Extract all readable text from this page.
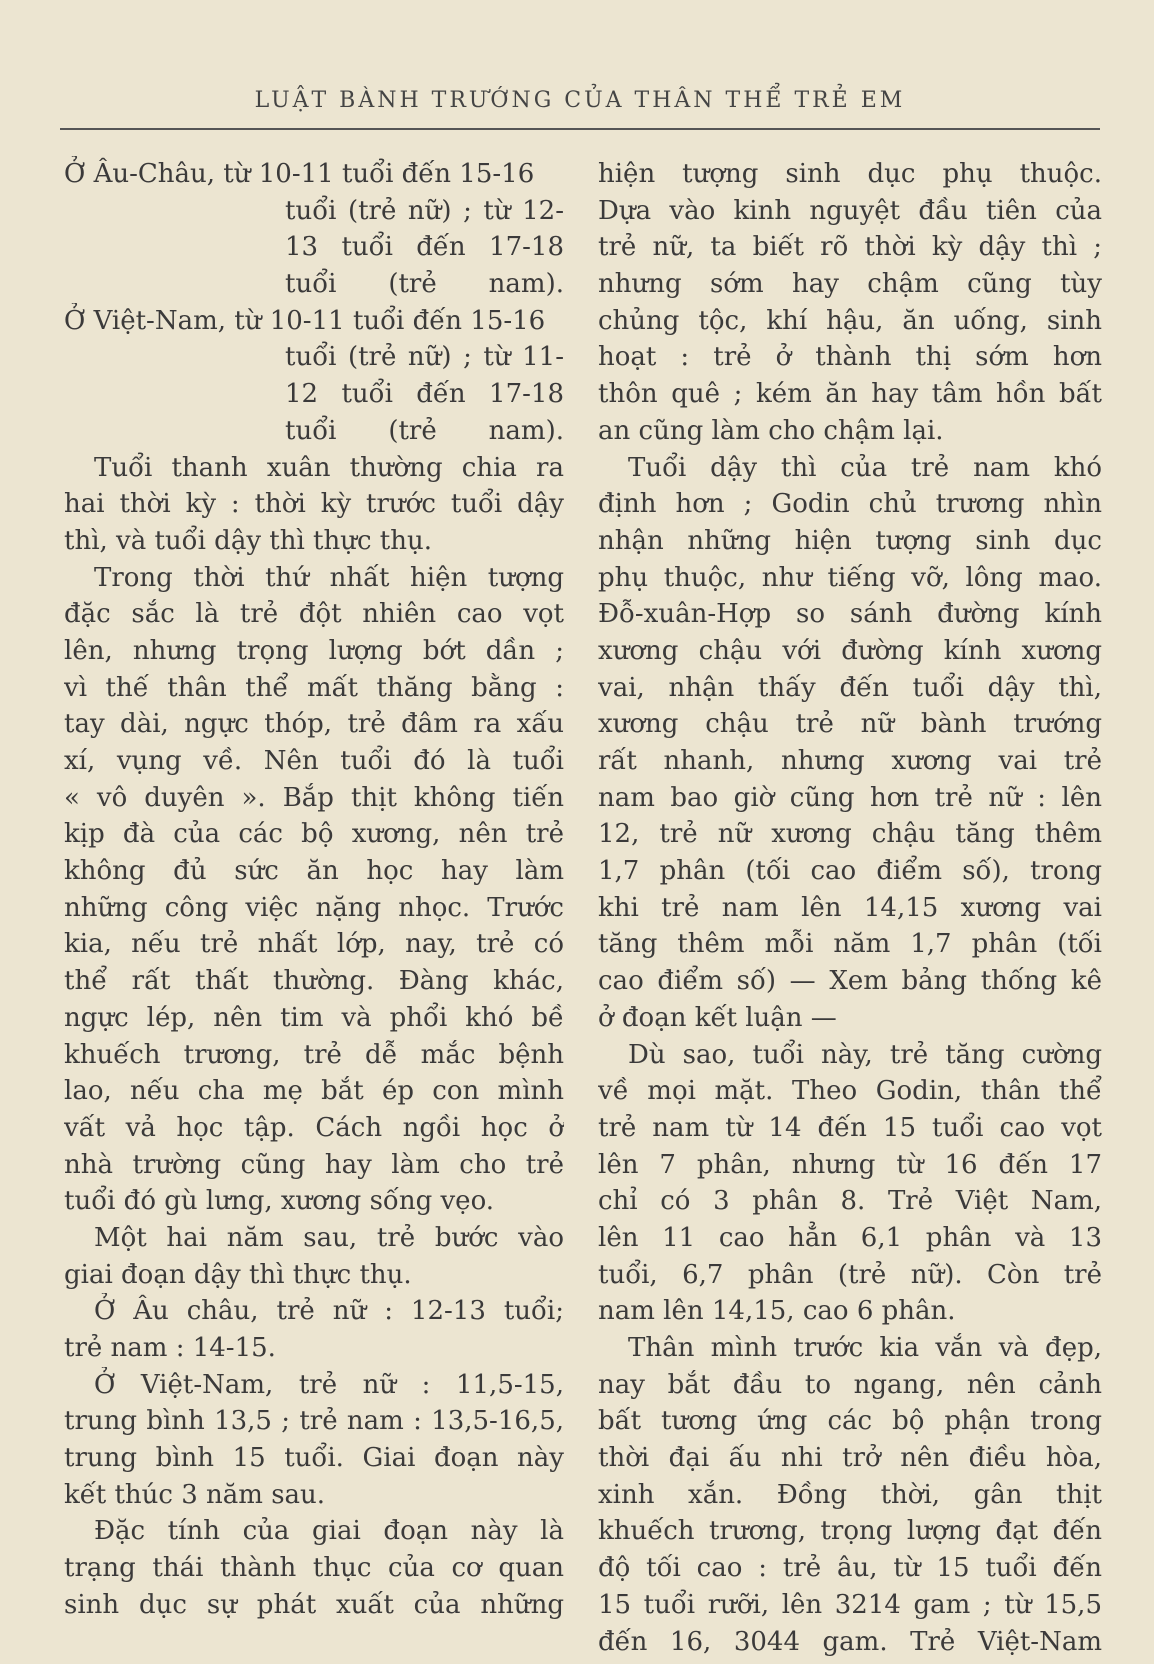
LUẬT BÀNH TRƯỚNG CỦA THÂN THỂ TRẺ EM
Ở Âu-Châu, từ 10-11 tuổi đến 15-16
tuổi (trẻ nữ) ; từ 12-
13 tuổi đến 17-18
tuổi (trẻ nam).
Ở Việt-Nam, từ 10-11 tuổi đến 15-16
tuổi (trẻ nữ) ; từ 11-
12 tuổi đến 17-18
tuổi (trẻ nam).
Tuổi thanh xuân thường chia ra
hai thời kỳ : thời kỳ trước tuổi dậy
thì, và tuổi dậy thì thực thụ.
Trong thời thứ nhất hiện tượng
đặc sắc là trẻ đột nhiên cao vọt
lên, nhưng trọng lượng bớt dần ;
vì thế thân thể mất thăng bằng :
tay dài, ngực thóp, trẻ đâm ra xấu
xí, vụng về. Nên tuổi đó là tuổi
« vô duyên ». Bắp thịt không tiến
kịp đà của các bộ xương, nên trẻ
không đủ sức ăn học hay làm
những công việc nặng nhọc. Trước
kia, nếu trẻ nhất lớp, nay, trẻ có
thể rất thất thường. Đàng khác,
ngực lép, nên tim và phổi khó bề
khuếch trương, trẻ dễ mắc bệnh
lao, nếu cha mẹ bắt ép con mình
vất vả học tập. Cách ngồi học ở
nhà trường cũng hay làm cho trẻ
tuổi đó gù lưng, xương sống vẹo.
Một hai năm sau, trẻ bước vào
giai đoạn dậy thì thực thụ.
Ở Âu châu, trẻ nữ : 12-13 tuổi;
trẻ nam : 14-15.
Ở Việt-Nam, trẻ nữ : 11,5-15,
trung bình 13,5 ; trẻ nam : 13,5-16,5,
trung bình 15 tuổi. Giai đoạn này
kết thúc 3 năm sau.
Đặc tính của giai đoạn này là
trạng thái thành thục của cơ quan
sinh dục sự phát xuất của những
hiện tượng sinh dục phụ thuộc.
Dựa vào kinh nguyệt đầu tiên của
trẻ nữ, ta biết rõ thời kỳ dậy thì ;
nhưng sớm hay chậm cũng tùy
chủng tộc, khí hậu, ăn uống, sinh
hoạt : trẻ ở thành thị sớm hơn
thôn quê ; kém ăn hay tâm hồn bất
an cũng làm cho chậm lại.
Tuổi dậy thì của trẻ nam khó
định hơn ; Godin chủ trương nhìn
nhận những hiện tượng sinh dục
phụ thuộc, như tiếng vỡ, lông mao.
Đỗ-xuân-Hợp so sánh đường kính
xương chậu với đường kính xương
vai, nhận thấy đến tuổi dậy thì,
xương chậu trẻ nữ bành trướng
rất nhanh, nhưng xương vai trẻ
nam bao giờ cũng hơn trẻ nữ : lên
12, trẻ nữ xương chậu tăng thêm
1,7 phân (tối cao điểm số), trong
khi trẻ nam lên 14,15 xương vai
tăng thêm mỗi năm 1,7 phân (tối
cao điểm số) — Xem bảng thống kê
ở đoạn kết luận —
Dù sao, tuổi này, trẻ tăng cường
về mọi mặt. Theo Godin, thân thể
trẻ nam từ 14 đến 15 tuổi cao vọt
lên 7 phân, nhưng từ 16 đến 17
chỉ có 3 phân 8. Trẻ Việt Nam,
lên 11 cao hẳn 6,1 phân và 13
tuổi, 6,7 phân (trẻ nữ). Còn trẻ
nam lên 14,15, cao 6 phân.
Thân mình trước kia vắn và đẹp,
nay bắt đầu to ngang, nên cảnh
bất tương ứng các bộ phận trong
thời đại ấu nhi trở nên điều hòa,
xinh xắn. Đồng thời, gân thịt
khuếch trương, trọng lượng đạt đến
độ tối cao : trẻ âu, từ 15 tuổi đến
15 tuổi rưỡi, lên 3214 gam ; từ 15,5
đến 16, 3044 gam. Trẻ Việt-Nam
